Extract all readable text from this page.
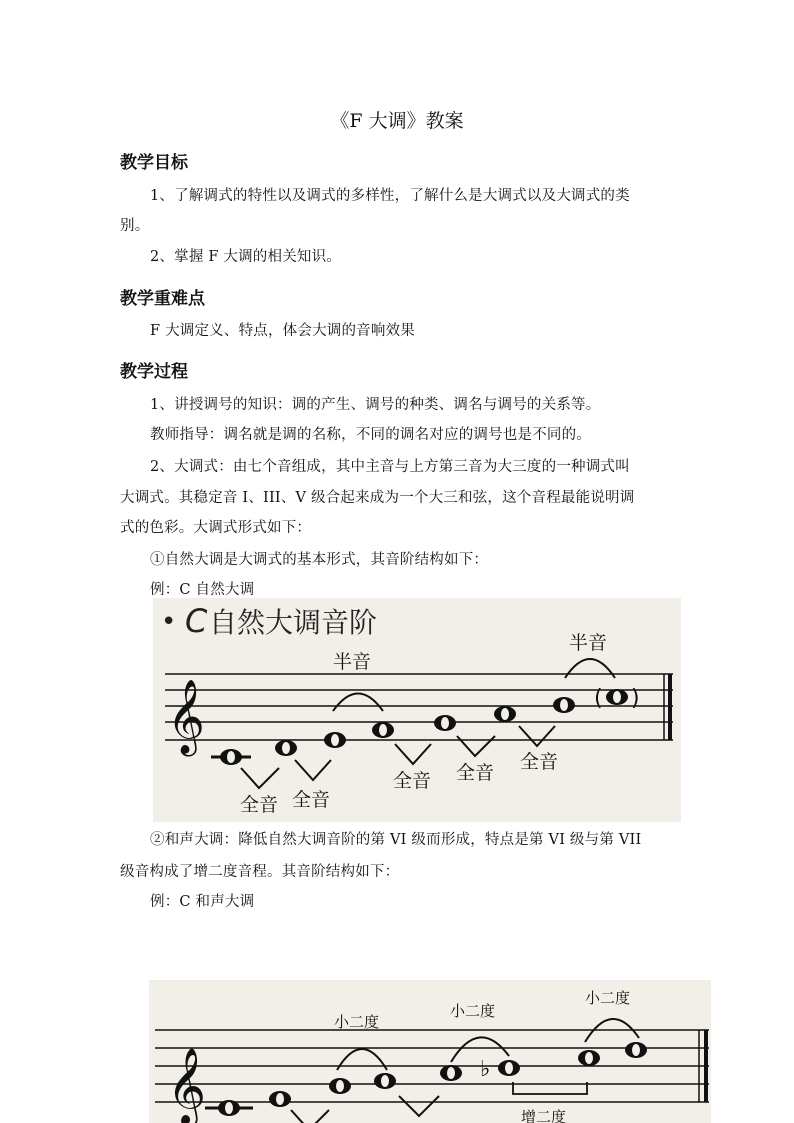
《F 大调》教案
教学目标
1、了解调式的特性以及调式的多样性，了解什么是大调式以及大调式的类
别。
2、掌握 F 大调的相关知识。
教学重难点
F 大调定义、特点，体会大调的音响效果
教学过程
1、讲授调号的知识：调的产生、调号的种类、调名与调号的关系等。
教师指导：调名就是调的名称，不同的调名对应的调号也是不同的。
2、大调式：由七个音组成，其中主音与上方第三音为大三度的一种调式叫
大调式。其稳定音 I、III、V 级合起来成为一个大三和弦，这个音程最能说明调
式的色彩。大调式形式如下：
①自然大调是大调式的基本形式，其音阶结构如下：
例：C 自然大调
• C 自然大调音阶
𝄞	( )
半音
半音
全音 全音
全音 全音 全音
②和声大调：降低自然大调音阶的第 VI 级而形成，特点是第 VI 级与第 VII
级音构成了增二度音程。其音阶结构如下：
例：C 和声大调
𝄞	♭
小二度
小二度
小二度
增二度
